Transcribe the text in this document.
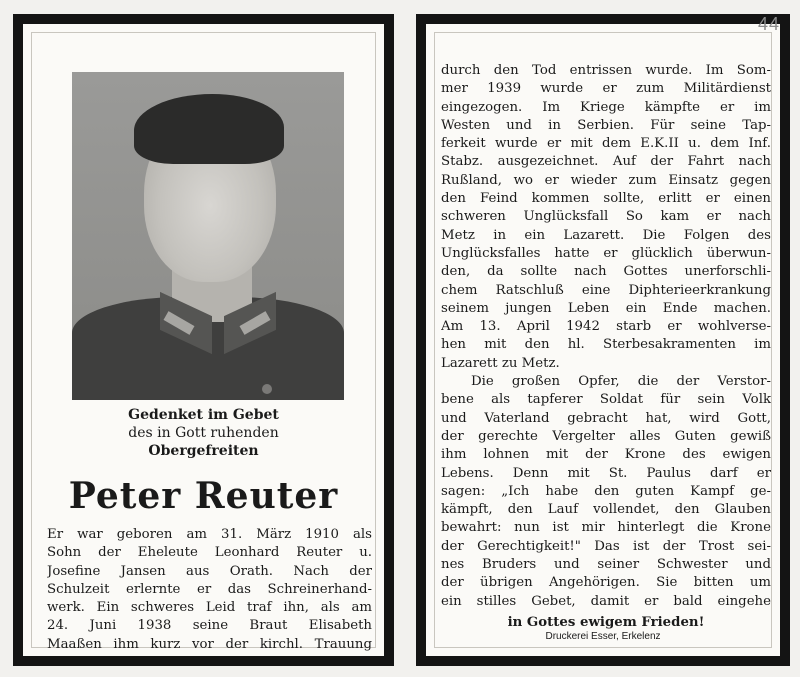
Gedenket im Gebet
des in Gott ruhenden
Obergefreiten
Peter Reuter
Er war geboren am 31. März 1910 als
Sohn der Eheleute Leonhard Reuter u.
Josefine Jansen aus Orath. Nach der
Schulzeit erlernte er das Schreinerhand-
werk. Ein schweres Leid traf ihn, als am
24. Juni 1938 seine Braut Elisabeth
Maaßen ihm kurz vor der kirchl. Trauung
durch den Tod entrissen wurde. Im Som-
mer 1939 wurde er zum Militärdienst
eingezogen. Im Kriege kämpfte er im
Westen und in Serbien. Für seine Tap-
ferkeit wurde er mit dem E.K.II u. dem Inf.
Stabz. ausgezeichnet. Auf der Fahrt nach
Rußland, wo er wieder zum Einsatz gegen
den Feind kommen sollte, erlitt er einen
schweren Unglücksfall So kam er nach
Metz in ein Lazarett. Die Folgen des
Unglücksfalles hatte er glücklich überwun-
den, da sollte nach Gottes unerforschli-
chem Ratschluß eine Diphterieerkrankung
seinem jungen Leben ein Ende machen.
Am 13. April 1942 starb er wohlverse-
hen mit den hl. Sterbesakramenten im
Lazarett zu Metz.
Die großen Opfer, die der Verstor-
bene als tapferer Soldat für sein Volk
und Vaterland gebracht hat, wird Gott,
der gerechte Vergelter alles Guten gewiß
ihm lohnen mit der Krone des ewigen
Lebens. Denn mit St. Paulus darf er
sagen: „Ich habe den guten Kampf ge-
kämpft, den Lauf vollendet, den Glauben
bewahrt: nun ist mir hinterlegt die Krone
der Gerechtigkeit!" Das ist der Trost sei-
nes Bruders und seiner Schwester und
der übrigen Angehörigen. Sie bitten um
ein stilles Gebet, damit er bald eingehe
in Gottes ewigem Frieden!
Druckerei Esser, Erkelenz
44
